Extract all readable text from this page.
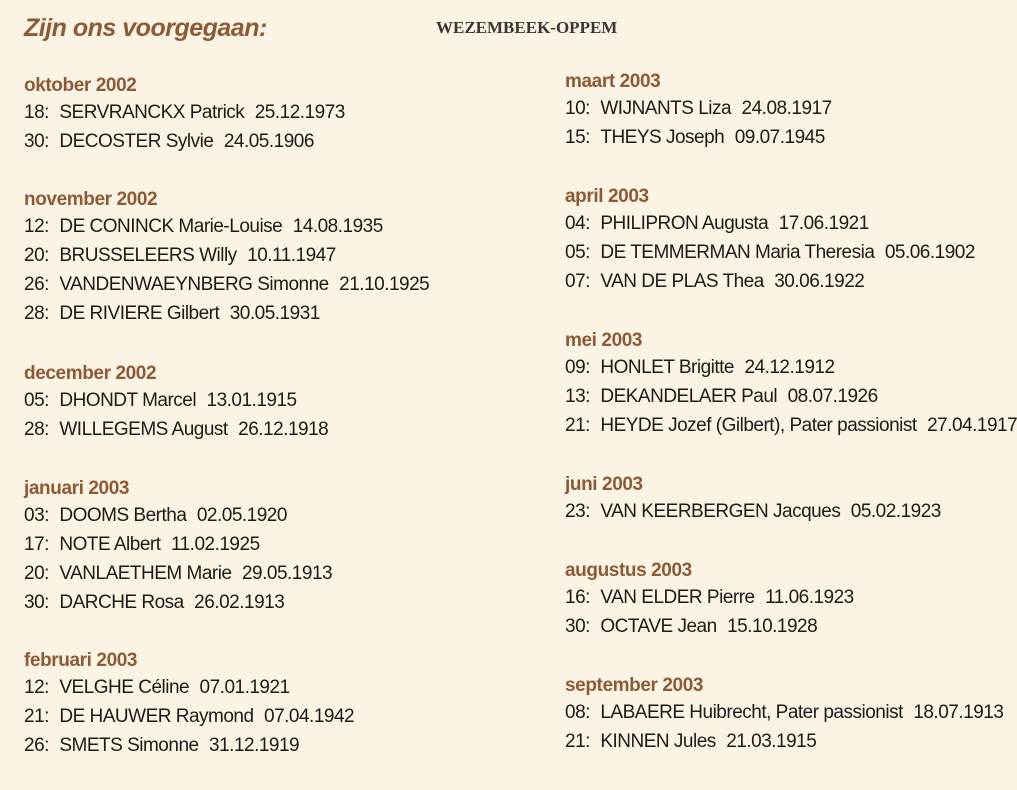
Zijn ons voorgegaan:	WEZEMBEEK-OPPEM
oktober 2002
18: SERVRANCKX Patrick 25.12.1973
30: DECOSTER Sylvie 24.05.1906
november 2002
12: DE CONINCK Marie-Louise 14.08.1935
20: BRUSSELEERS Willy 10.11.1947
26: VANDENWAEYNBERG Simonne 21.10.1925
28: DE RIVIERE Gilbert 30.05.1931
december 2002
05: DHONDT Marcel 13.01.1915
28: WILLEGEMS August 26.12.1918
januari 2003
03: DOOMS Bertha 02.05.1920
17: NOTE Albert 11.02.1925
20: VANLAETHEM Marie 29.05.1913
30: DARCHE Rosa 26.02.1913
februari 2003
12: VELGHE Céline 07.01.1921
21: DE HAUWER Raymond 07.04.1942
26: SMETS Simonne 31.12.1919
maart 2003
10: WIJNANTS Liza 24.08.1917
15: THEYS Joseph 09.07.1945
april 2003
04: PHILIPRON Augusta 17.06.1921
05: DE TEMMERMAN Maria Theresia 05.06.1902
07: VAN DE PLAS Thea 30.06.1922
mei 2003
09: HONLET Brigitte 24.12.1912
13: DEKANDELAER Paul 08.07.1926
21: HEYDE Jozef (Gilbert), Pater passionist 27.04.1917
juni 2003
23: VAN KEERBERGEN Jacques 05.02.1923
augustus 2003
16: VAN ELDER Pierre 11.06.1923
30: OCTAVE Jean 15.10.1928
september 2003
08: LABAERE Huibrecht, Pater passionist 18.07.1913
21: KINNEN Jules 21.03.1915
